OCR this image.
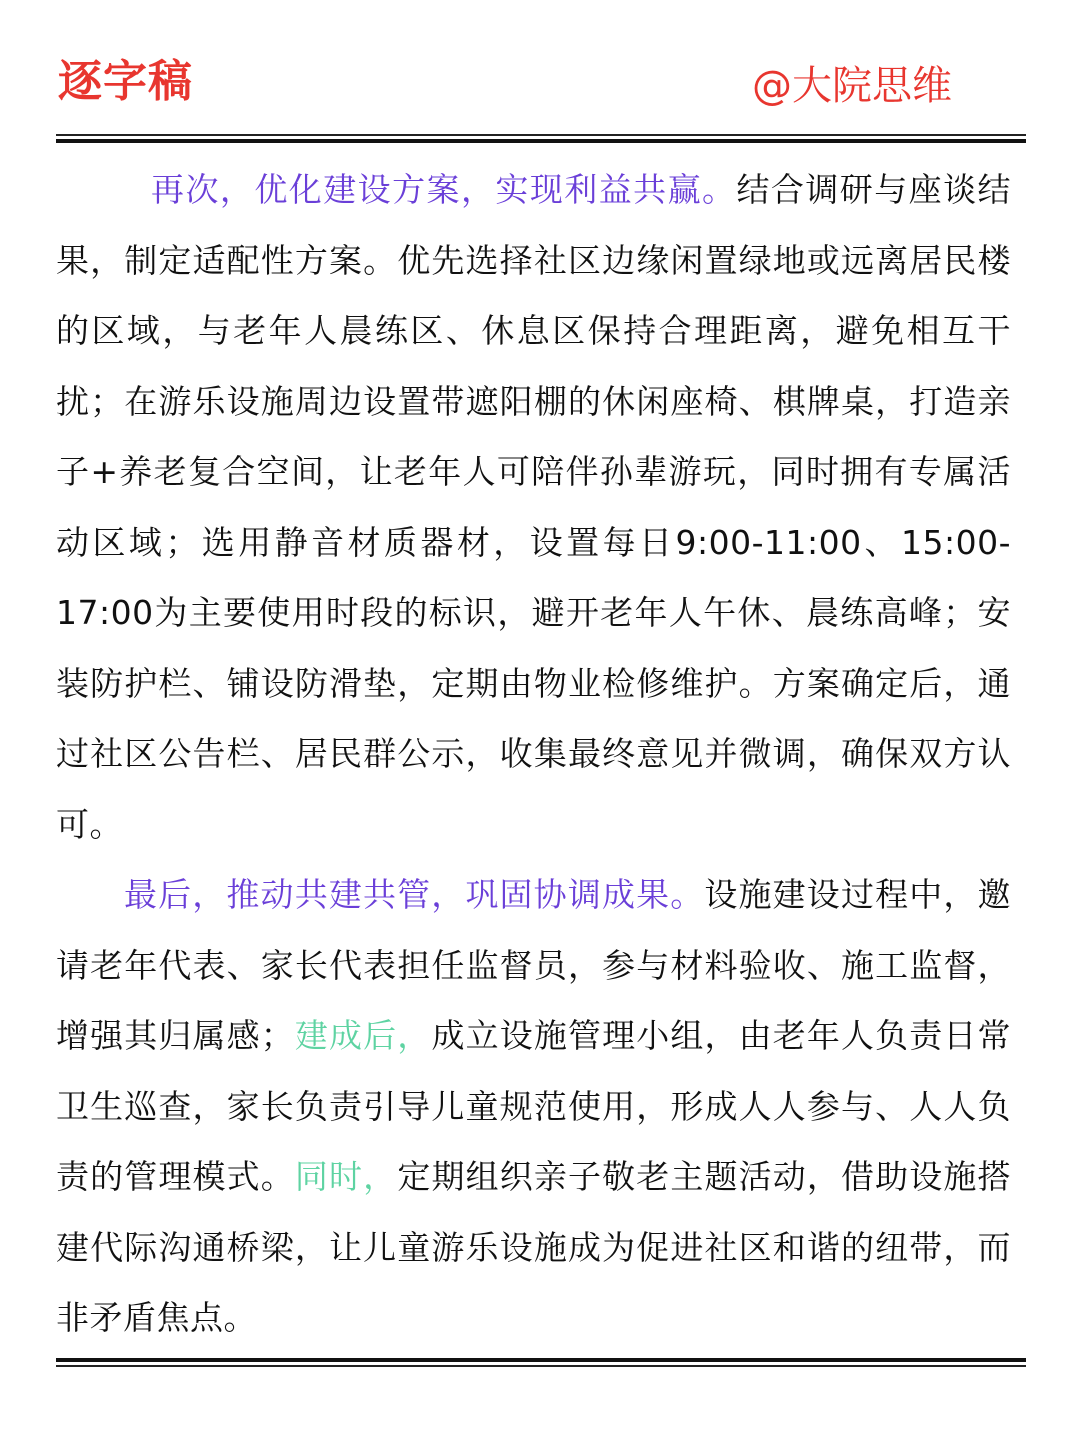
逐字稿	@大院思维

再次，优化建设方案，实现利益共赢。结合调研与座谈结果，制定适配性方案。优先选择社区边缘闲置绿地或远离居民楼的区域，与老年人晨练区、休息区保持合理距离，避免相互干扰；在游乐设施周边设置带遮阳棚的休闲座椅、棋牌桌，打造亲子+养老复合空间，让老年人可陪伴孙辈游玩，同时拥有专属活动区域；选用静音材质器材，设置每日9:00-11:00、15:00-17:00为主要使用时段的标识，避开老年人午休、晨练高峰；安装防护栏、铺设防滑垫，定期由物业检修维护。方案确定后，通过社区公告栏、居民群公示，收集最终意见并微调，确保双方认可。

最后，推动共建共管，巩固协调成果。设施建设过程中，邀请老年代表、家长代表担任监督员，参与材料验收、施工监督，增强其归属感；建成后，成立设施管理小组，由老年人负责日常卫生巡查，家长负责引导儿童规范使用，形成人人参与、人人负责的管理模式。同时，定期组织亲子敬老主题活动，借助设施搭建代际沟通桥梁，让儿童游乐设施成为促进社区和谐的纽带，而非矛盾焦点。
